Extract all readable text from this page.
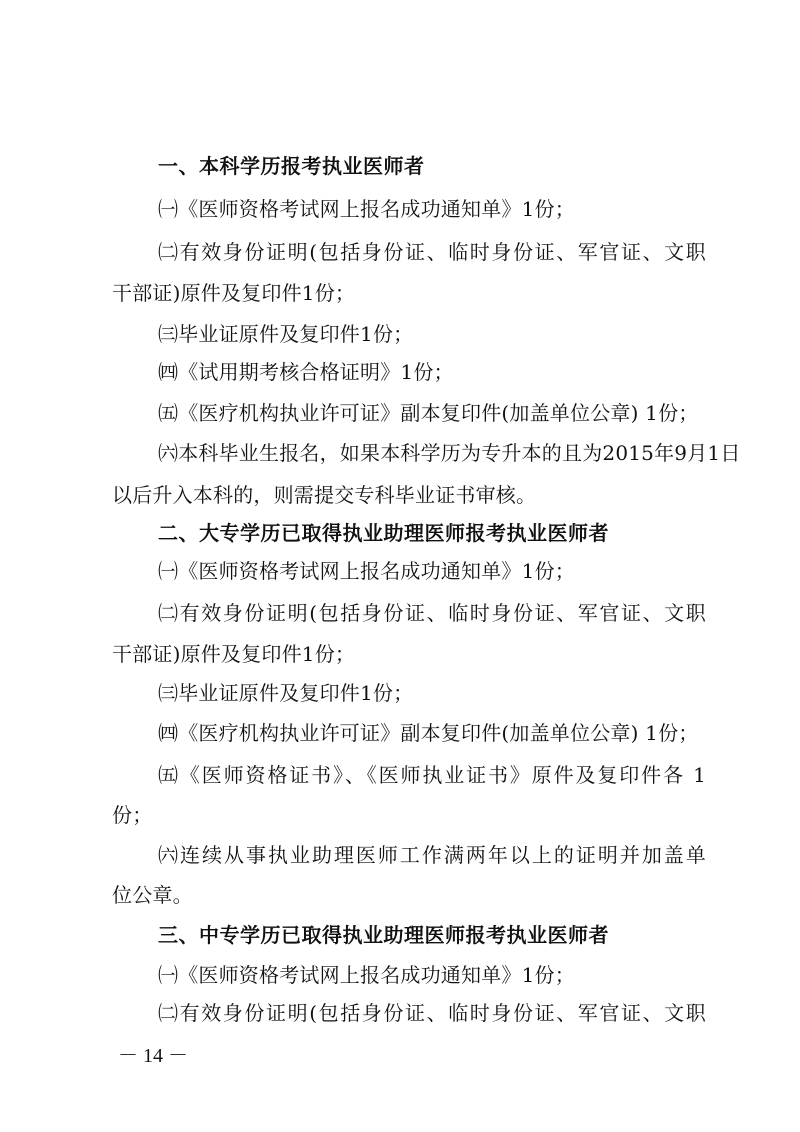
一、本科学历报考执业医师者
㈠《医师资格考试网上报名成功通知单》1份；
㈡有效身份证明(包括身份证、临时身份证、军官证、文职
干部证)原件及复印件1份；
㈢毕业证原件及复印件1份；
㈣《试用期考核合格证明》1份；
㈤《医疗机构执业许可证》副本复印件(加盖单位公章) 1份；
㈥本科毕业生报名，如果本科学历为专升本的且为2015年9月1日
以后升入本科的，则需提交专科毕业证书审核。
二、大专学历已取得执业助理医师报考执业医师者
㈠《医师资格考试网上报名成功通知单》1份；
㈡有效身份证明(包括身份证、临时身份证、军官证、文职
干部证)原件及复印件1份；
㈢毕业证原件及复印件1份；
㈣《医疗机构执业许可证》副本复印件(加盖单位公章) 1份；
㈤《医师资格证书》、《医师执业证书》原件及复印件各 1
份；
㈥连续从事执业助理医师工作满两年以上的证明并加盖单
位公章。
三、中专学历已取得执业助理医师报考执业医师者
㈠《医师资格考试网上报名成功通知单》1份；
㈡有效身份证明(包括身份证、临时身份证、军官证、文职
－ 14 －
